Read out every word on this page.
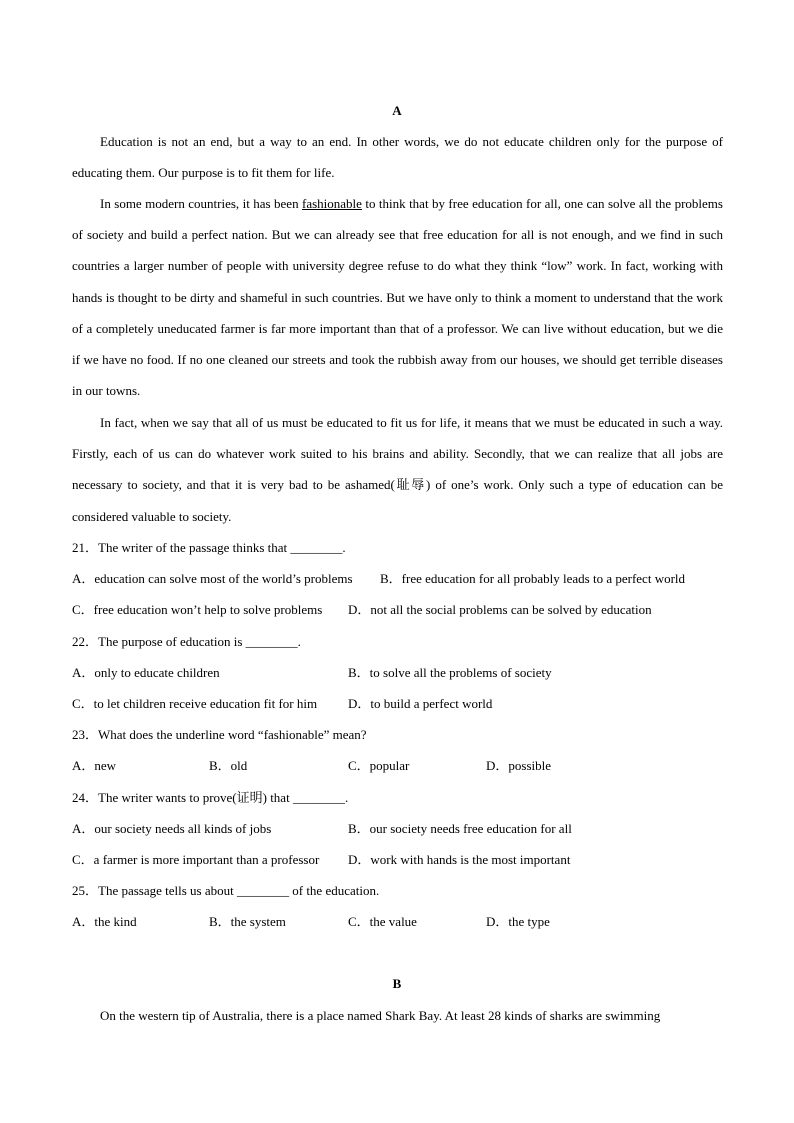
A
Education is not an end, but a way to an end. In other words, we do not educate children only for the purpose of educating them. Our purpose is to fit them for life.
In some modern countries, it has been fashionable to think that by free education for all, one can solve all the problems of society and build a perfect nation. But we can already see that free education for all is not enough, and we find in such countries a larger number of people with university degree refuse to do what they think “low” work. In fact, working with hands is thought to be dirty and shameful in such countries. But we have only to think a moment to understand that the work of a completely uneducated farmer is far more important than that of a professor. We can live without education, but we die if we have no food. If no one cleaned our streets and took the rubbish away from our houses, we should get terrible diseases in our towns.
In fact, when we say that all of us must be educated to fit us for life, it means that we must be educated in such a way. Firstly, each of us can do whatever work suited to his brains and ability. Secondly, that we can realize that all jobs are necessary to society, and that it is very bad to be ashamed(耻辱) of one’s work. Only such a type of education can be considered valuable to society.
21．The writer of the passage thinks that ________.
A．education can solve most of the world’s problems B．free education for all probably leads to a perfect world
C．free education won’t help to solve problems D．not all the social problems can be solved by education
22．The purpose of education is ________.
A．only to educate children	B．to solve all the problems of society
C．to let children receive education fit for him D．to build a perfect world
23．What does the underline word “fashionable” mean?
A．new	B．old	C．popular	D．possible
24．The writer wants to prove(证明) that ________.
A．our society needs all kinds of jobs	B．our society needs free education for all
C．a farmer is more important than a professor D．work with hands is the most important
25．The passage tells us about ________ of the education.
A．the kind	B．the system	C．the value	D．the type
B
On the western tip of Australia, there is a place named Shark Bay. At least 28 kinds of sharks are swimming
